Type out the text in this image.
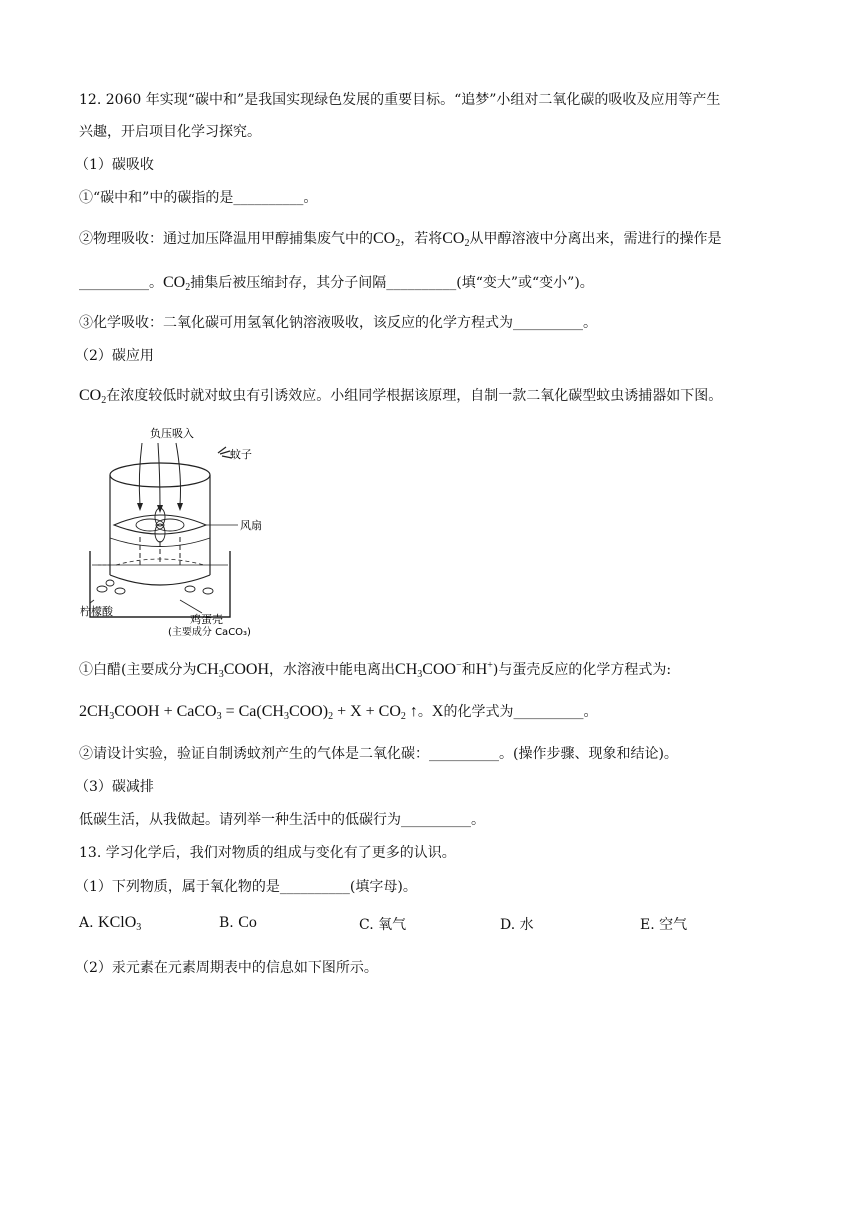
12. 2060 年实现“碳中和”是我国实现绿色发展的重要目标。“追梦”小组对二氧化碳的吸收及应用等产生
兴趣，开启项目化学习探究。
（1）碳吸收
①“碳中和”中的碳指的是__________。
②物理吸收：通过加压降温用甲醇捕集废气中的$CO_2$，若将$CO_2$从甲醇溶液中分离出来，需进行的操作是
__________。$CO_2$捕集后被压缩封存，其分子间隔__________(填“变大”或“变小”)。
③化学吸收：二氧化碳可用氢氧化钠溶液吸收，该反应的化学方程式为__________。
（2）碳应用
$CO_2$在浓度较低时就对蚊虫有引诱效应。小组同学根据该原理，自制一款二氧化碳型蚊虫诱捕器如下图。
负压吸入
蚊子
风扇
柠檬酸
鸡蛋壳
(主要成分 CaCO₃)
①白醋(主要成分为$CH_3COOH$，水溶液中能电离出$CH_3COO^-$和H+)与蛋壳反应的化学方程式为:
$2CH_3COOH$ + CaCO$_3$ = $Ca(CH_3COO)_2 + X + CO_2$ ↑。X的化学式为__________。
②请设计实验，验证自制诱蚊剂产生的气体是二氧化碳：__________。(操作步骤、现象和结论)。
（3）碳减排
低碳生活，从我做起。请列举一种生活中的低碳行为__________。
13. 学习化学后，我们对物质的组成与变化有了更多的认识。
（1）下列物质，属于氧化物的是__________(填字母)。
A. KClO$_3$	B. Co	C. 氧气	D. 水	E. 空气
（2）汞元素在元素周期表中的信息如下图所示。
